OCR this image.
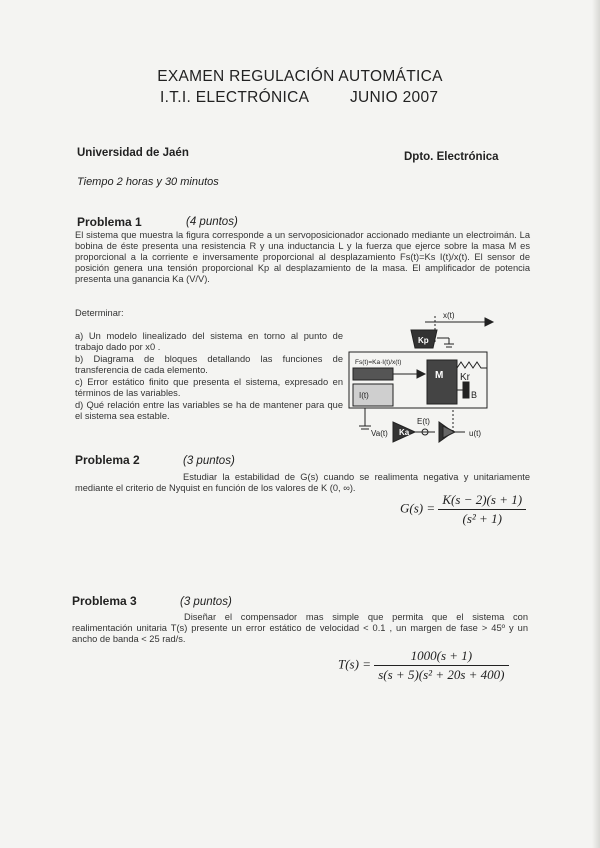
EXAMEN REGULACIÓN AUTOMÁTICA
I.T.I. ELECTRÓNICA	JUNIO 2007
Universidad de Jaén	Dpto. Electrónica
Tiempo 2 horas y 30 minutos
Problema 1	(4 puntos)
El sistema que muestra la figura corresponde a un servoposicionador accionado mediante un electroimán. La bobina de éste presenta una resistencia R y una inductancia L y la fuerza que ejerce sobre la masa M es proporcional a la corriente e inversamente proporcional al desplazamiento Fs(t)=Ks I(t)/x(t). El sensor de posición genera una tensión proporcional Kp al desplazamiento de la masa. El amplificador de potencia presenta una ganancia Ka (V/V).
Determinar:
a) Un modelo linealizado del sistema en torno al punto de trabajo dado por x0 .
b) Diagrama de bloques detallando las funciones de transferencia de cada elemento.
c) Error estático finito que presenta el sistema, expresado en términos de las variables.
d) Qué relación entre las variables se ha de mantener para que el sistema sea estable.
x(t)
Kp
Fs(t)=Ka·I(t)/x(t)
M Kr
B
I(t)
Va(t) Ka
E(t)
u(t)
Problema 2	(3 puntos)
Estudiar la estabilidad de G(s) cuando se realimenta negativa y unitariamente mediante el criterio de Nyquist en función de los valores de K (0, ∞).
$G(s) = \frac{K(s - 2)(s + 1)}{\text{(s² + 1)}}$
Problema 3	(3 puntos)
Diseñar el compensador mas simple que permita que el sistema con realimentación unitaria T(s) presente un error estático de velocidad < 0.1 , un margen de fase > 45º y un ancho de banda < 25 rad/s.
$T(s) = \frac{1000(s + 1)}{\text{s(s + 5)(s² + 20s + 400)}}$
